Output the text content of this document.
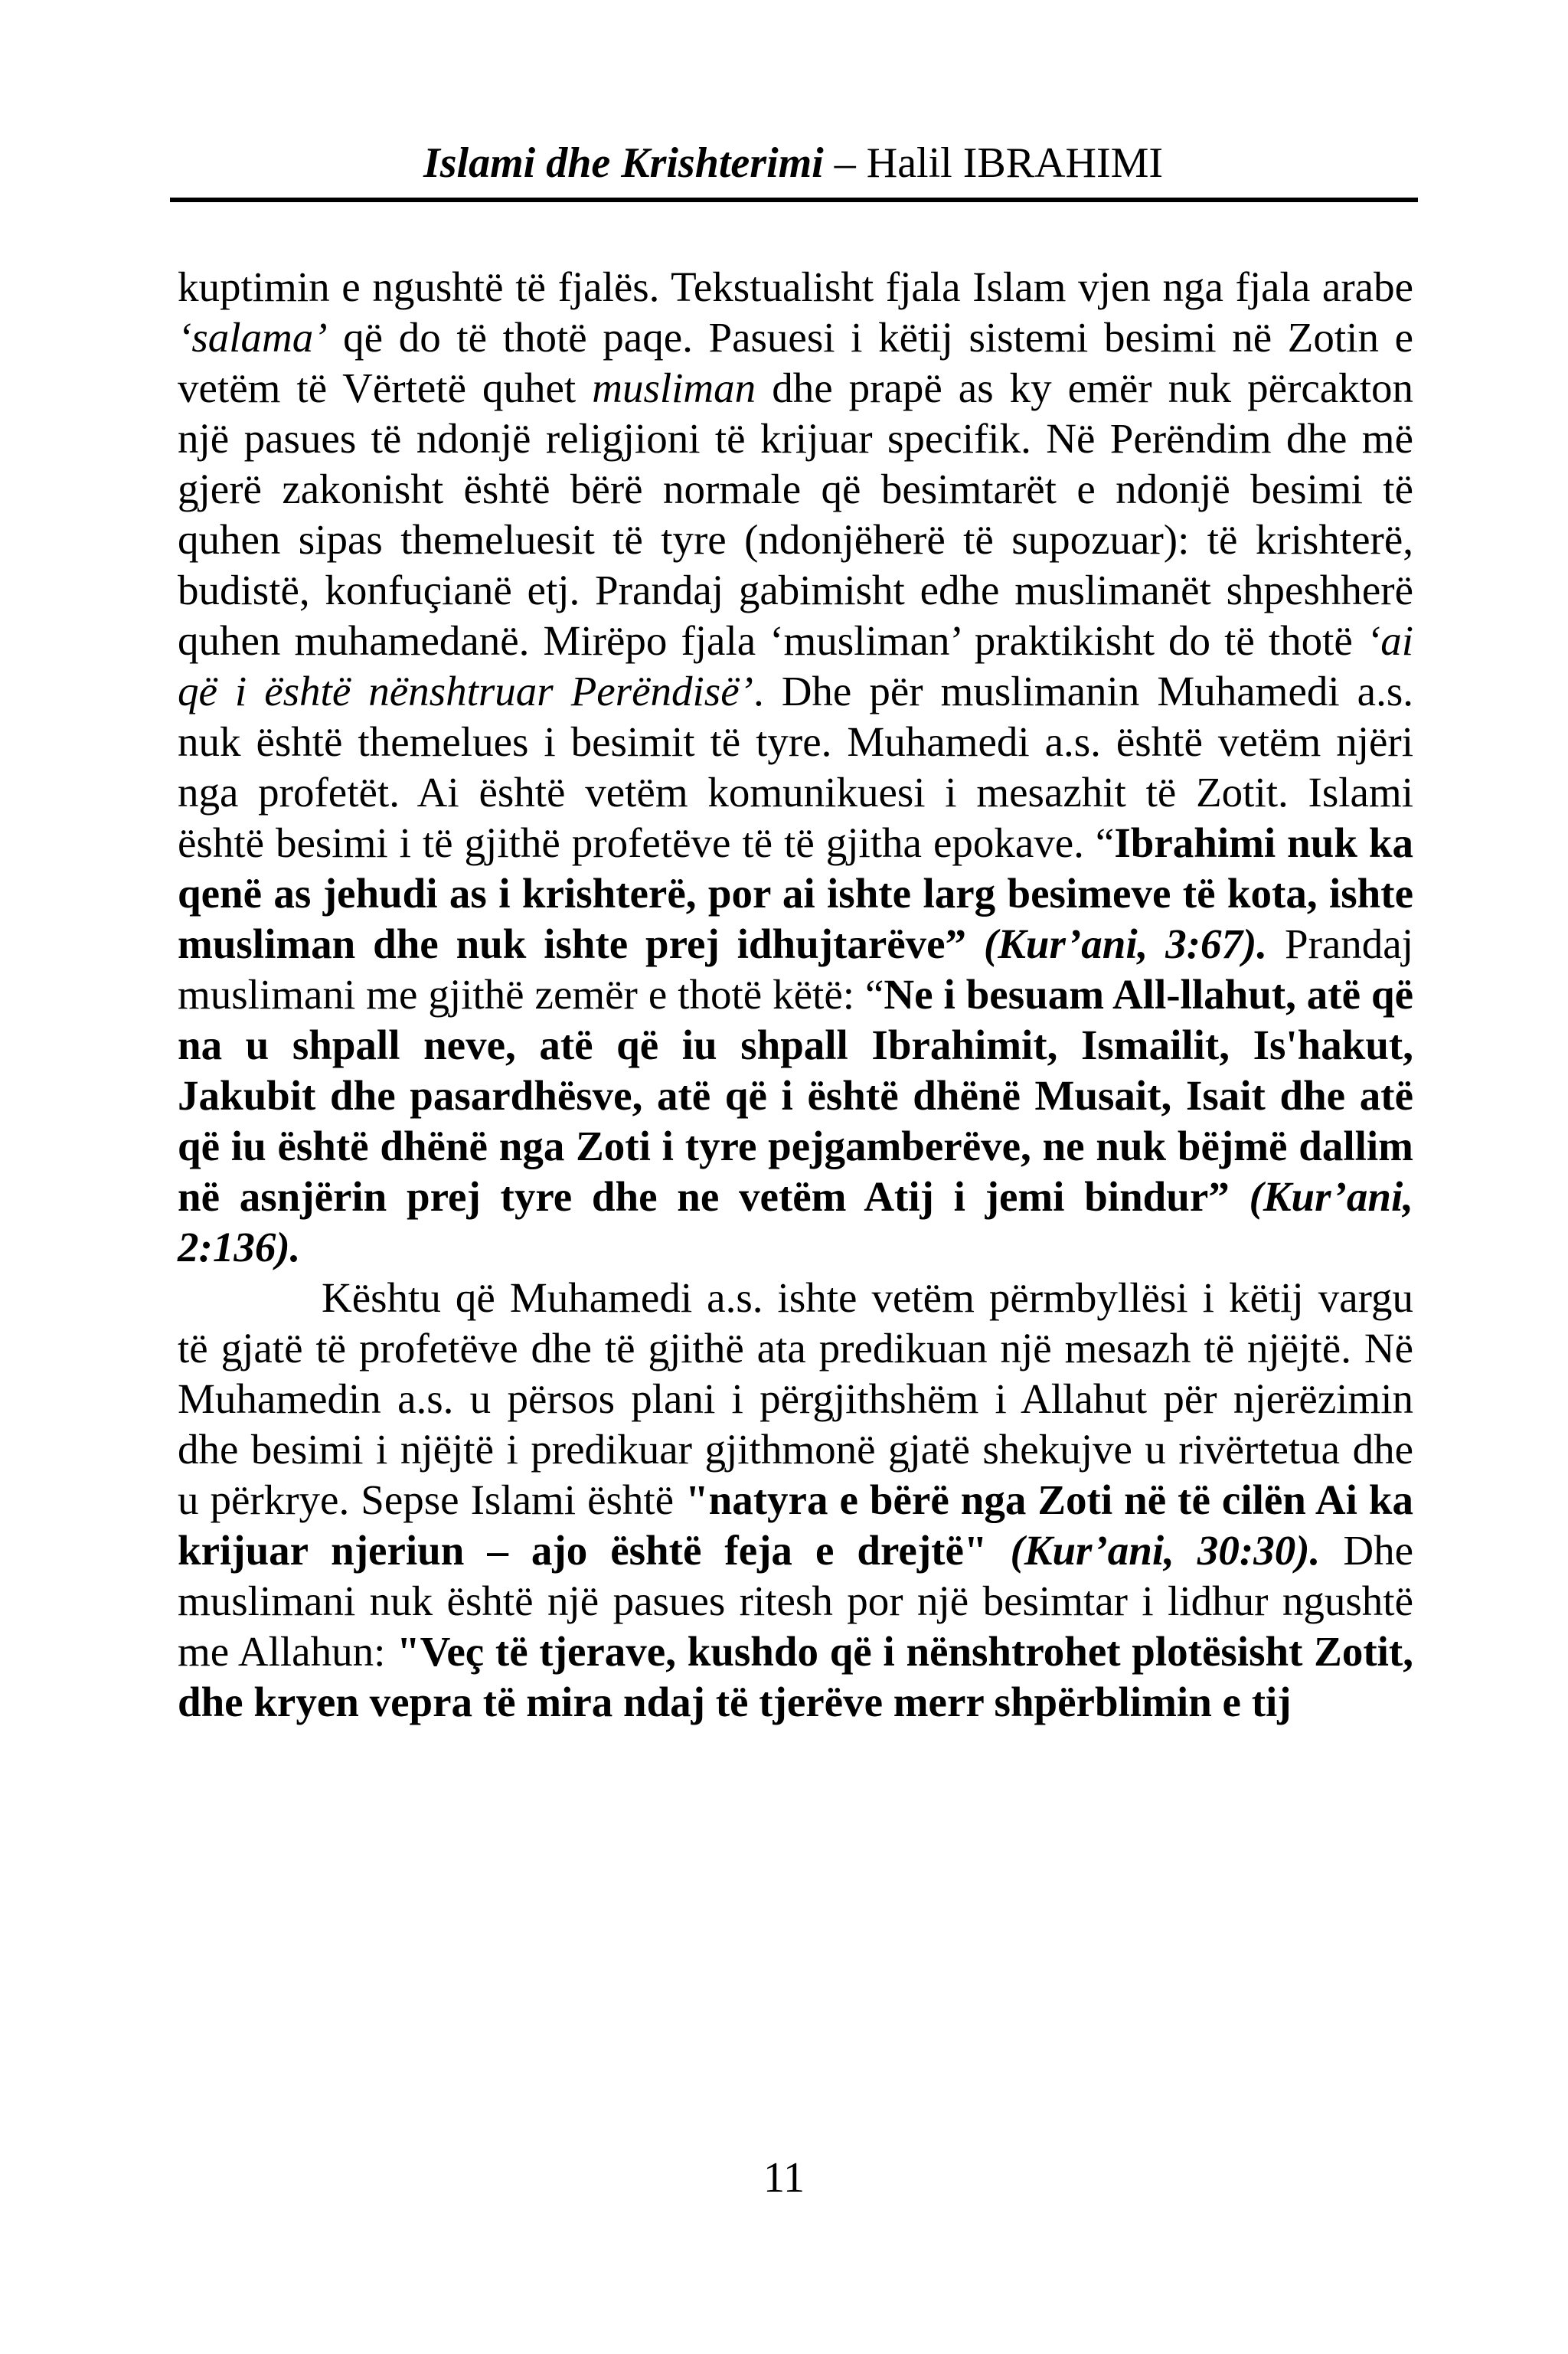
Islami dhe Krishterimi – Halil IBRAHIMI

kuptimin e ngushtë të fjalës. Tekstualisht fjala Islam vjen nga fjala arabe ‘salama’ që do të thotë paqe. Pasuesi i këtij sistemi besimi në Zotin e vetëm të Vërtetë quhet musliman dhe prapë as ky emër nuk përcakton një pasues të ndonjë religjioni të krijuar specifik. Në Perëndim dhe më gjerë zakonisht është bërë normale që besimtarët e ndonjë besimi të quhen sipas themeluesit të tyre (ndonjëherë të supozuar): të krishterë, budistë, konfuçianë etj. Prandaj gabimisht edhe muslimanët shpeshherë quhen muhamedanë. Mirëpo fjala ‘musliman’ praktikisht do të thotë ‘ai që i është nënshtruar Perëndisë’. Dhe për muslimanin Muhamedi a.s. nuk është themelues i besimit të tyre. Muhamedi a.s. është vetëm njëri nga profetët. Ai është vetëm komunikuesi i mesazhit të Zotit. Islami është besimi i të gjithë profetëve të të gjitha epokave. “Ibrahimi nuk ka qenë as jehudi as i krishterë, por ai ishte larg besimeve të kota, ishte musliman dhe nuk ishte prej idhujtarëve” (Kur’ani, 3:67). Prandaj muslimani me gjithë zemër e thotë këtë: “Ne i besuam All-llahut, atë që na u shpall neve, atë që iu shpall Ibrahimit, Ismailit, Is'hakut, Jakubit dhe pasardhësve, atë që i është dhënë Musait, Isait dhe atë që iu është dhënë nga Zoti i tyre pejgamberëve, ne nuk bëjmë dallim në asnjërin prej tyre dhe ne vetëm Atij i jemi bindur” (Kur’ani, 2:136).

Kështu që Muhamedi a.s. ishte vetëm përmbyllësi i këtij vargu të gjatë të profetëve dhe të gjithë ata predikuan një mesazh të njëjtë. Në Muhamedin a.s. u përsos plani i përgjithshëm i Allahut për njerëzimin dhe besimi i njëjtë i predikuar gjithmonë gjatë shekujve u rivërtetua dhe u përkrye. Sepse Islami është "natyra e bërë nga Zoti në të cilën Ai ka krijuar njeriun – ajo është feja e drejtë" (Kur’ani, 30:30). Dhe muslimani nuk është një pasues ritesh por një besimtar i lidhur ngushtë me Allahun: "Veç të tjerave, kushdo që i nënshtrohet plotësisht Zotit, dhe kryen vepra të mira ndaj të tjerëve merr shpërblimin e tij

11
